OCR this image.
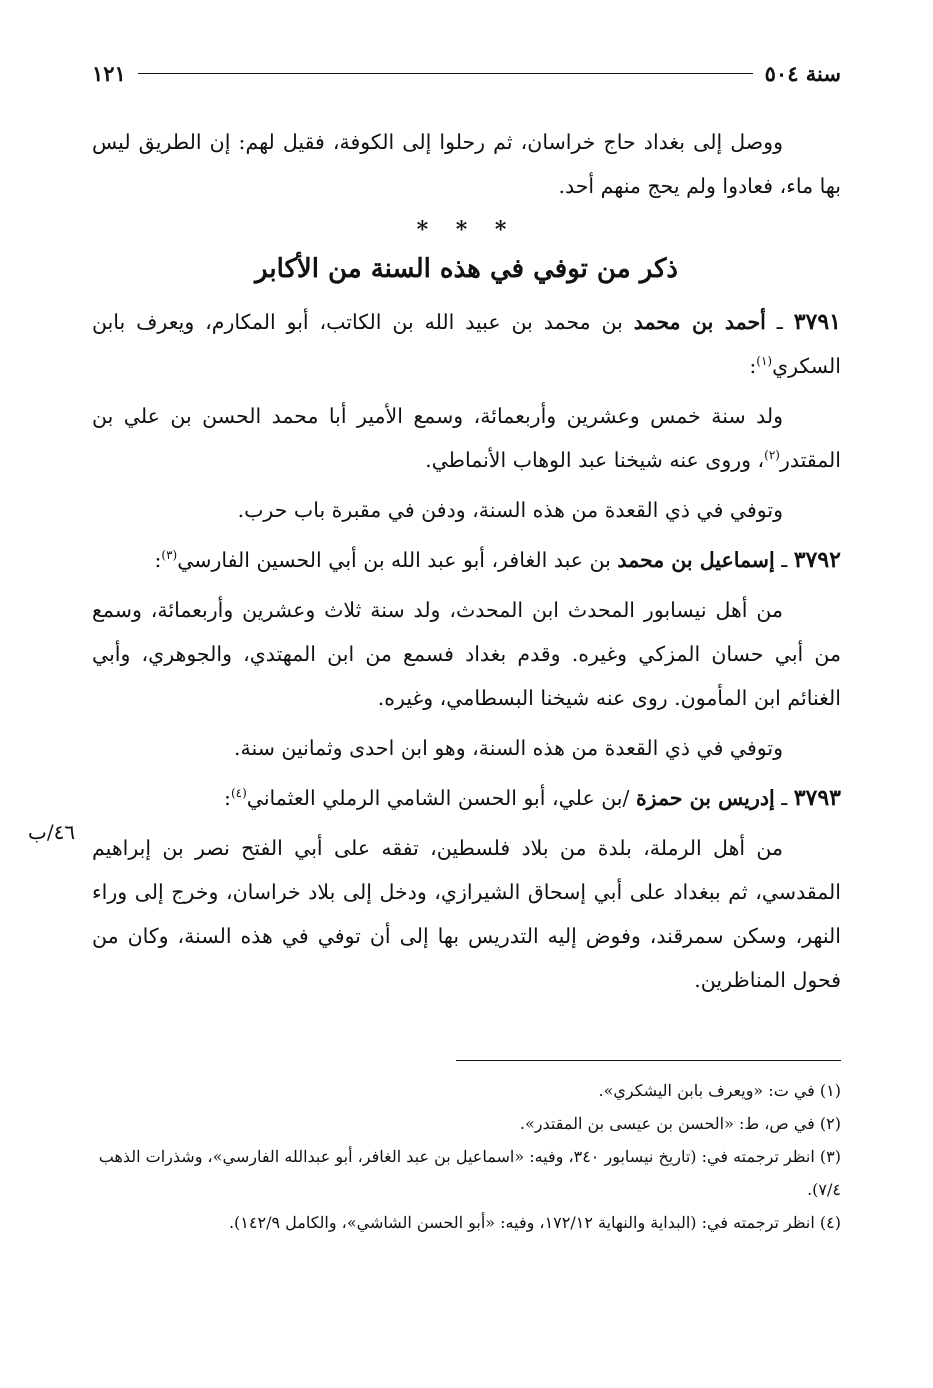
سنة ٥٠٤
١٢١

ووصل إلى بغداد حاج خراسان، ثم رحلوا إلى الكوفة، فقيل لهم: إن الطريق ليس بها ماء، فعادوا ولم يحج منهم أحد.

* * *

ذكر من توفي في هذه السنة من الأكابر

٣٧٩١ ـ أحمد بن محمد بن محمد بن عبيد الله بن الكاتب، أبو المكارم، ويعرف بابن السكري$^{(١)}$:

ولد سنة خمس وعشرين وأربعمائة، وسمع الأمير أبا محمد الحسن بن علي بن المقتدر$^{(٢)}$، وروى عنه شيخنا عبد الوهاب الأنماطي.

وتوفي في ذي القعدة من هذه السنة، ودفن في مقبرة باب حرب.

٣٧٩٢ ـ إسماعيل بن محمد بن عبد الغافر، أبو عبد الله بن أبي الحسين الفارسي$^{(٣)}$:

من أهل نيسابور المحدث ابن المحدث، ولد سنة ثلاث وعشرين وأربعمائة، وسمع من أبي حسان المزكي وغيره. وقدم بغداد فسمع من ابن المهتدي، والجوهري، وأبي الغنائم ابن المأمون. روى عنه شيخنا البسطامي، وغيره.

وتوفي في ذي القعدة من هذه السنة، وهو ابن احدى وثمانين سنة.

٣٧٩٣ ـ إدريس بن حمزة /بن علي، أبو الحسن الشامي الرملي العثماني$^{(٤)}$:

من أهل الرملة، بلدة من بلاد فلسطين، تفقه على أبي الفتح نصر بن إبراهيم المقدسي، ثم ببغداد على أبي إسحاق الشيرازي، ودخل إلى بلاد خراسان، وخرج إلى وراء النهر، وسكن سمرقند، وفوض إليه التدريس بها إلى أن توفي في هذه السنة، وكان من فحول المناظرين.

٤٦/ب

(١) في ت: «ويعرف بابن اليشكري».

(٢) في ص، ط: «الحسن بن عيسى بن المقتدر».

(٣) انظر ترجمته في: (تاريخ نيسابور ٣٤٠، وفيه: «اسماعيل بن عبد الغافر، أبو عبدالله الفارسي»، وشذرات الذهب ٧/٤).

(٤) انظر ترجمته في: (البداية والنهاية ١٧٢/١٢، وفيه: «أبو الحسن الشاشي»، والكامل ١٤٢/٩).
